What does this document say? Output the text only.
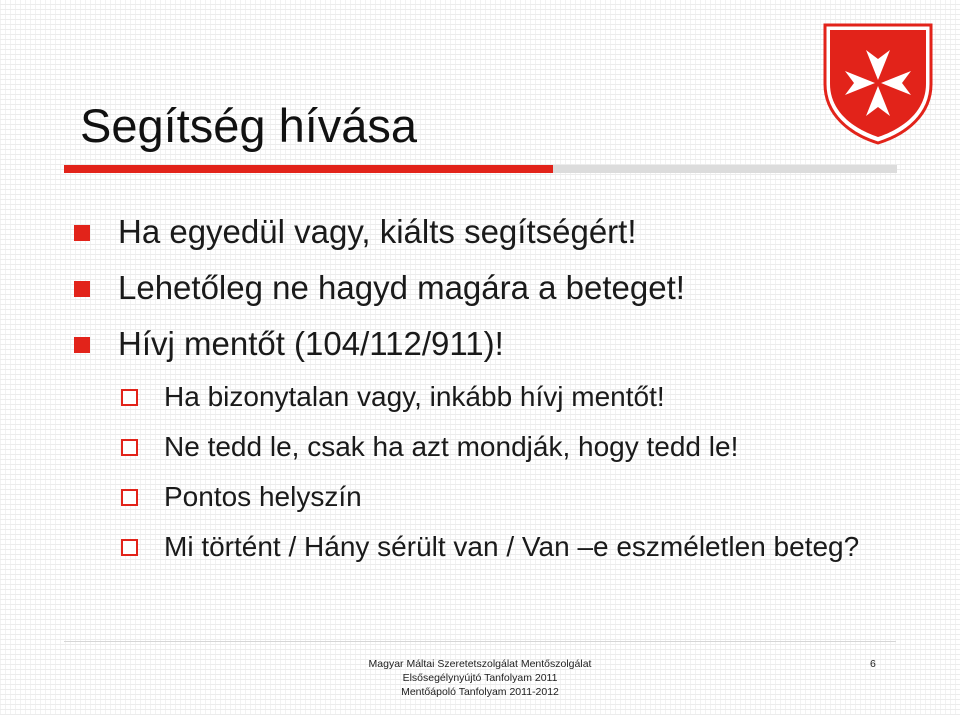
Segítség hívása
Ha egyedül vagy, kiálts segítségért!
Lehetőleg ne hagyd magára a beteget!
Hívj mentőt (104/112/911)!
Ha bizonytalan vagy, inkább hívj mentőt!
Ne tedd le, csak ha azt mondják, hogy tedd le!
Pontos helyszín
Mi történt / Hány sérült van / Van –e eszméletlen beteg?
Magyar Máltai Szeretetszolgálat Mentőszolgálat
Elsősegélynyújtó Tanfolyam 2011
Mentőápoló Tanfolyam 2011-2012
6
